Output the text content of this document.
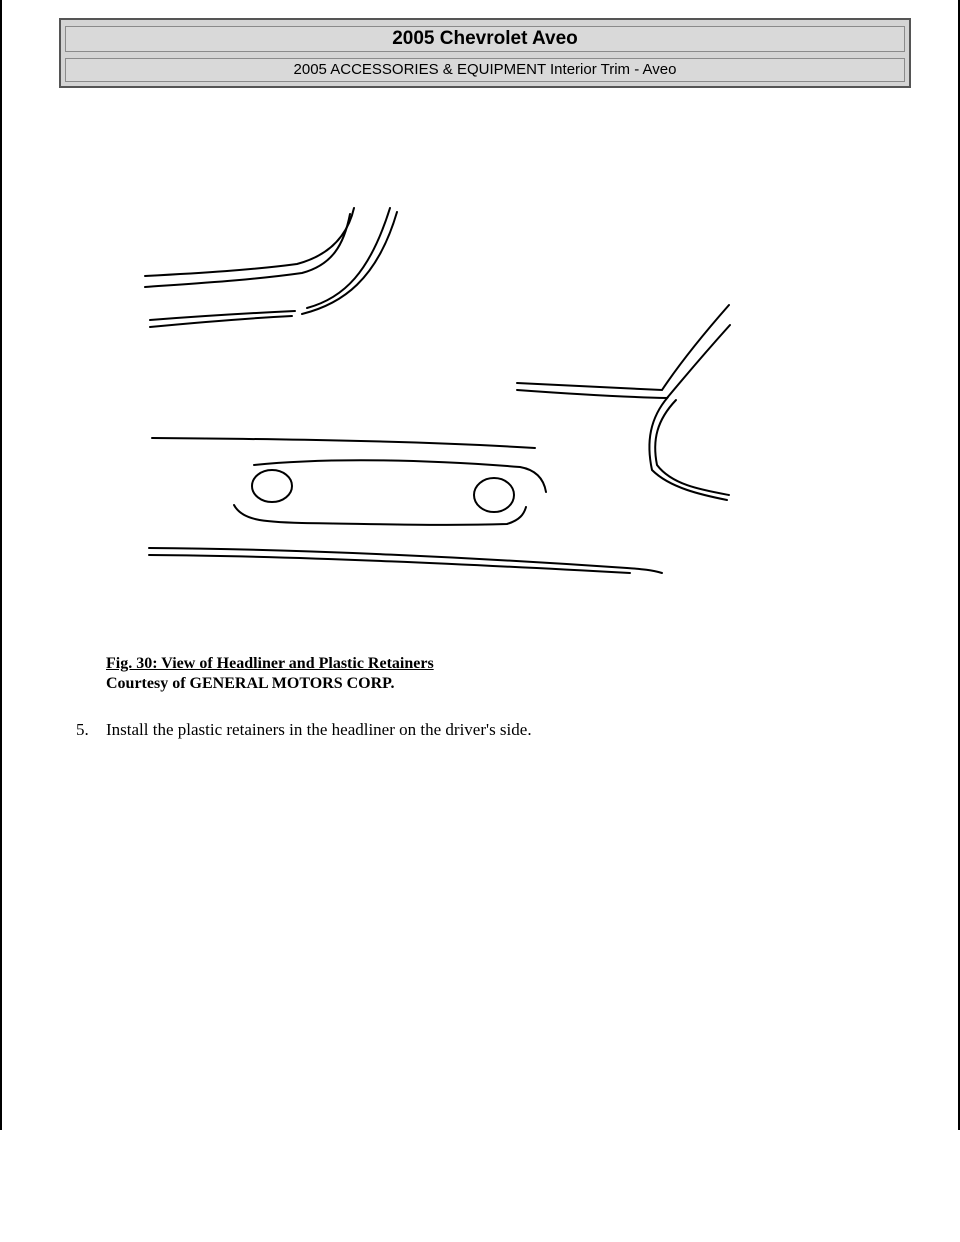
2005 Chevrolet Aveo
2005 ACCESSORIES & EQUIPMENT Interior Trim - Aveo
Fig. 30: View of Headliner and Plastic Retainers
Courtesy of GENERAL MOTORS CORP.
5. Install the plastic retainers in the headliner on the driver's side.
